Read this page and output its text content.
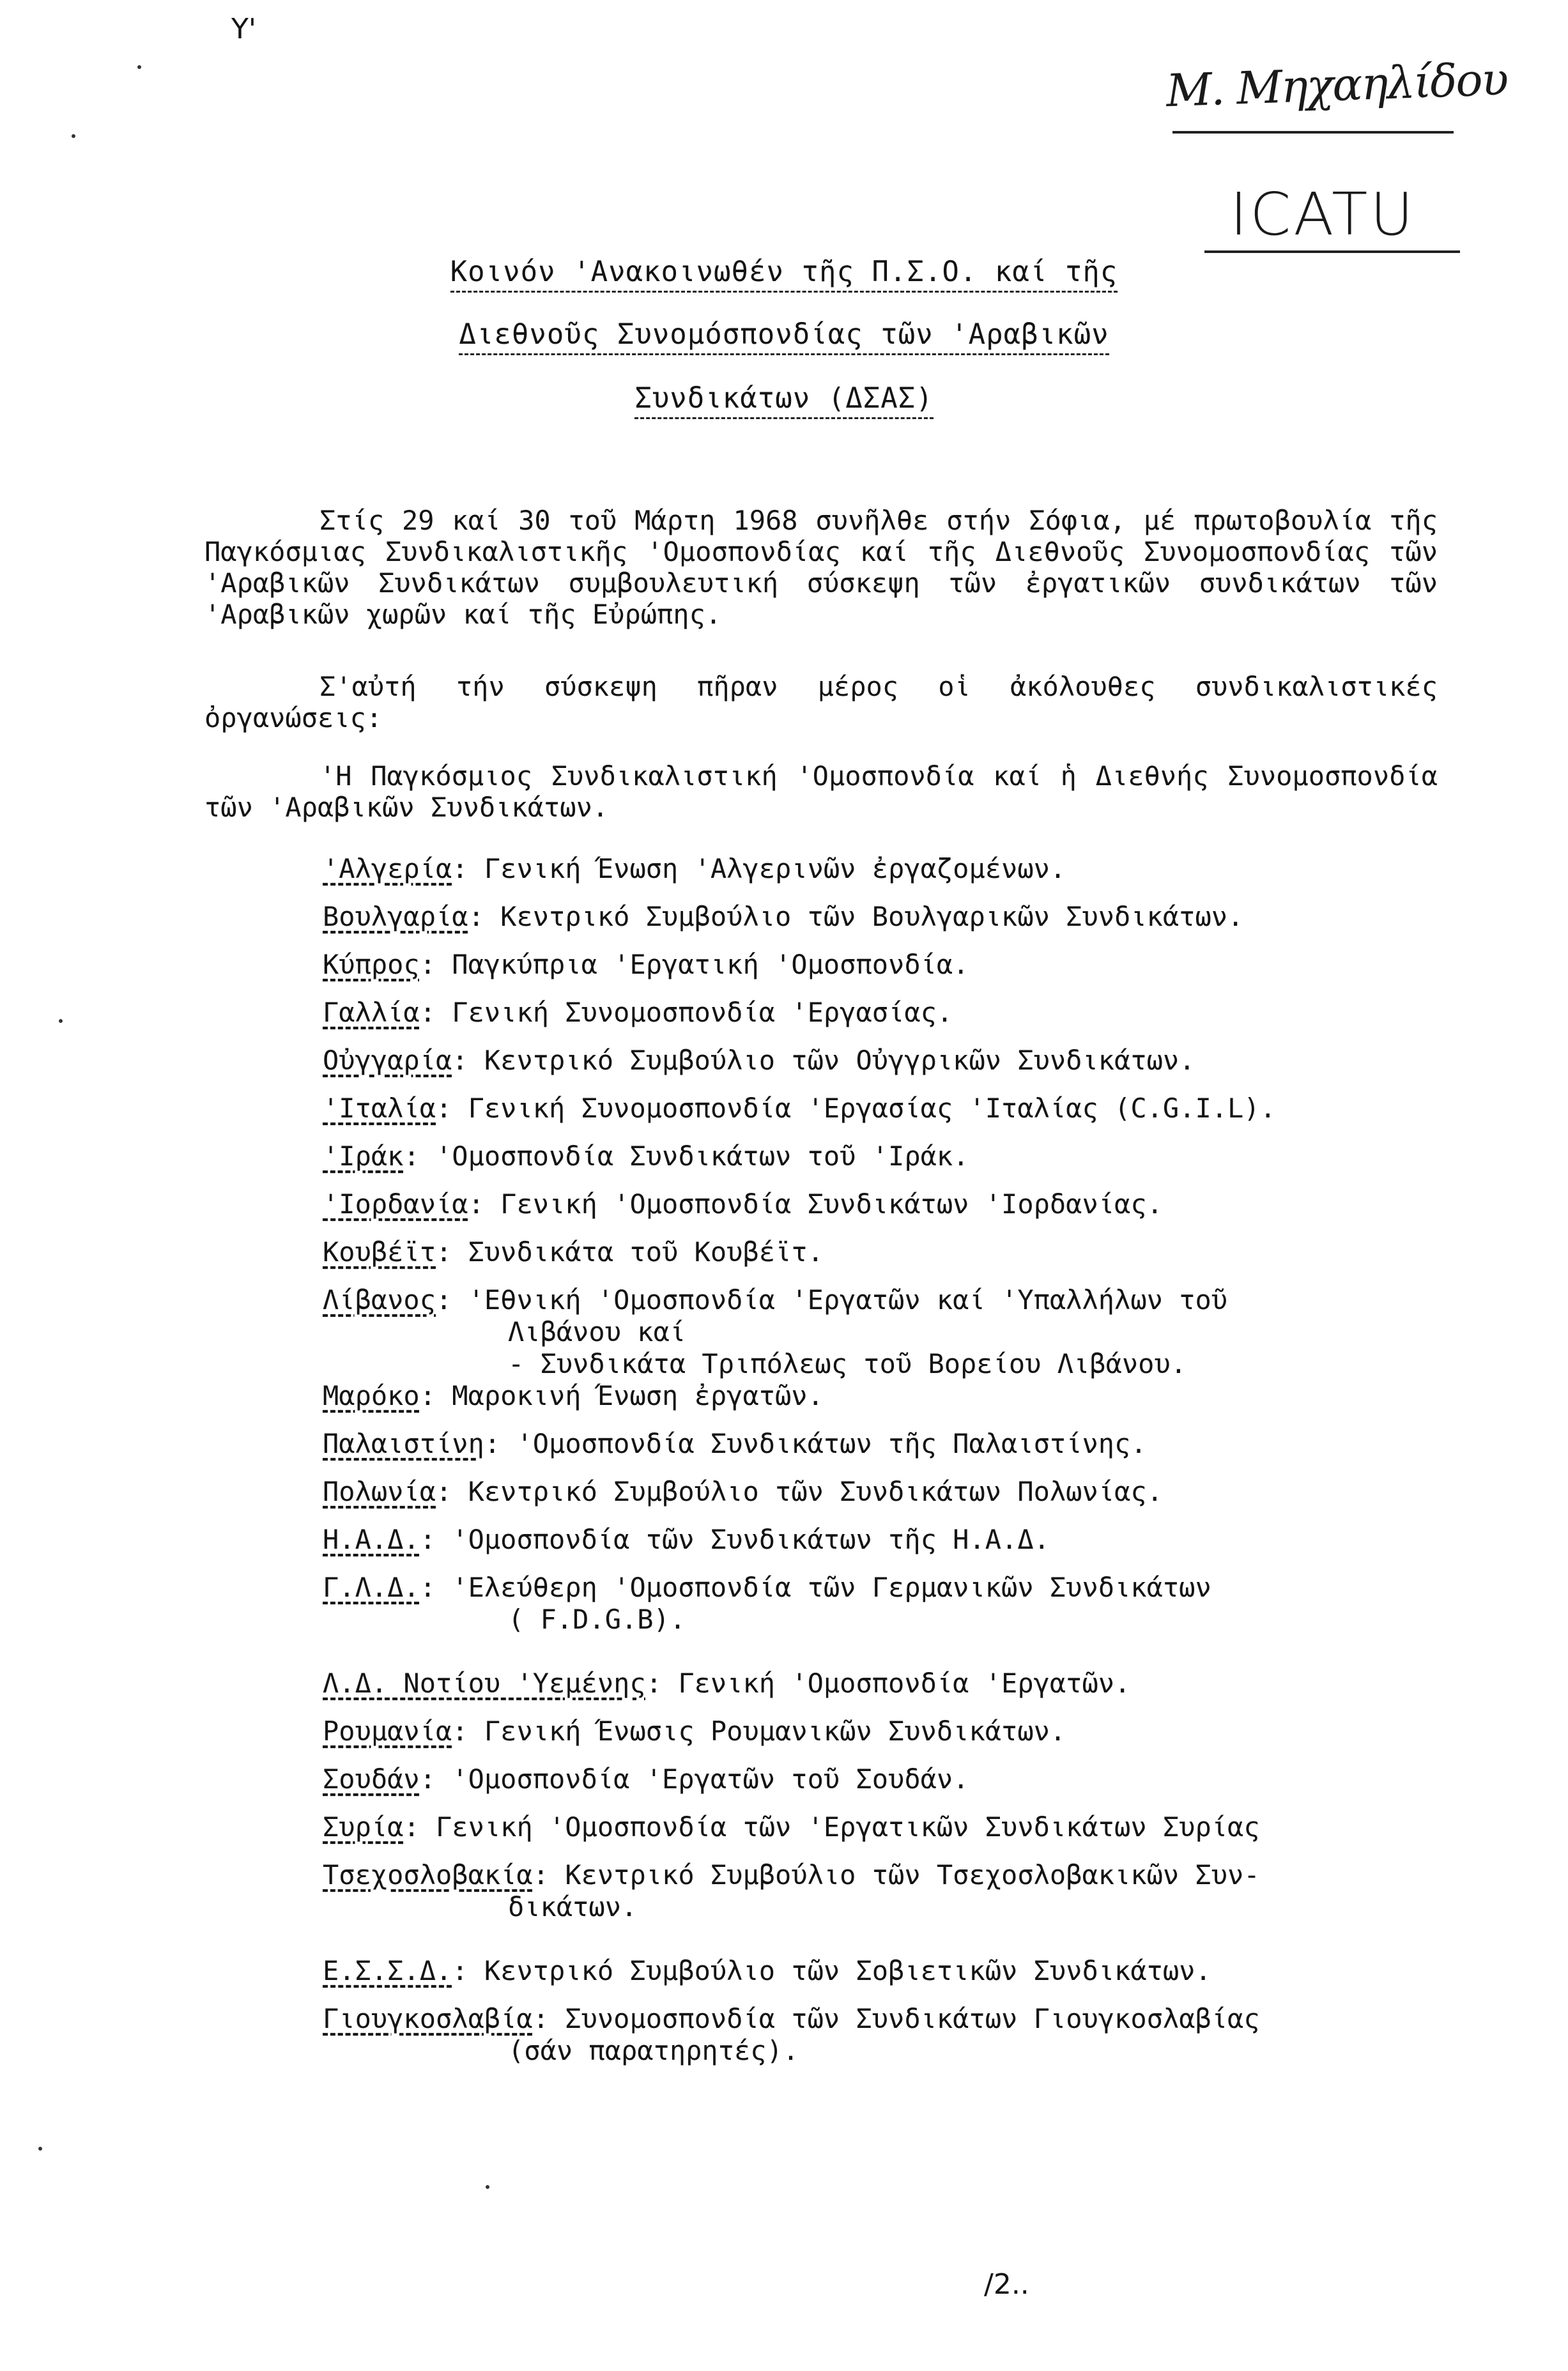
Υ'
Μ. Μηχαηλίδου
ICATU
Κοινόν 'Ανακοινωθέν τῆς Π.Σ.Ο. καί τῆς
Διεθνοῦς Συνομόσπονδίας τῶν 'Αραβικῶν
Συνδικάτων (ΔΣΑΣ)
Στίς 29 καί 30 τοῦ Μάρτη 1968 συνῆλθε στήν Σόφια, μέ πρωτοβουλία τῆς Παγκόσμιας Συνδικαλιστικῆς 'Ομοσπονδίας καί τῆς Διεθνοῦς Συνομοσπονδίας τῶν 'Αραβικῶν Συνδικάτων συμβουλευτική σύσκεψη τῶν ἐργατικῶν συνδικάτων τῶν 'Αραβικῶν χωρῶν καί τῆς Εὐρώπης.
Σ'αὐτή τήν σύσκεψη πῆραν μέρος οἱ ἀκόλουθες συνδικαλιστικές ὀργανώσεις:
'Η Παγκόσμιος Συνδικαλιστική 'Ομοσπονδία καί ἡ Διεθνής Συνομοσπονδία τῶν 'Αραβικῶν Συνδικάτων.
'Αλγερία: Γενική Ένωση 'Αλγερινῶν ἐργαζομένων.
Βουλγαρία: Κεντρικό Συμβούλιο τῶν Βουλγαρικῶν Συνδικάτων.
Κύπρος: Παγκύπρια 'Εργατική 'Ομοσπονδία.
Γαλλία: Γενική Συνομοσπονδία 'Εργασίας.
Οὐγγαρία: Κεντρικό Συμβούλιο τῶν Οὐγγρικῶν Συνδικάτων.
'Ιταλία: Γενική Συνομοσπονδία 'Εργασίας 'Ιταλίας (C.G.I.L).
'Ιράκ: 'Ομοσπονδία Συνδικάτων τοῦ 'Ιράκ.
'Ιορδανία: Γενική 'Ομοσπονδία Συνδικάτων 'Ιορδανίας.
Κουβέϊτ: Συνδικάτα τοῦ Κουβέϊτ.
Λίβανος: 'Εθνική 'Ομοσπονδία 'Εργατῶν καί 'Υπαλλήλων τοῦ
Λιβάνου καί
- Συνδικάτα Τριπόλεως τοῦ Βορείου Λιβάνου.
Μαρόκο: Μαροκινή Ένωση ἐργατῶν.
Παλαιστίνη: 'Ομοσπονδία Συνδικάτων τῆς Παλαιστίνης.
Πολωνία: Κεντρικό Συμβούλιο τῶν Συνδικάτων Πολωνίας.
Η.Α.Δ.: 'Ομοσπονδία τῶν Συνδικάτων τῆς Η.Α.Δ.
Γ.Λ.Δ.: 'Ελεύθερη 'Ομοσπονδία τῶν Γερμανικῶν Συνδικάτων
( F.D.G.B).
Λ.Δ. Νοτίου 'Υεμένης: Γενική 'Ομοσπονδία 'Εργατῶν.
Ρουμανία: Γενική Ένωσις Ρουμανικῶν Συνδικάτων.
Σουδάν: 'Ομοσπονδία 'Εργατῶν τοῦ Σουδάν.
Συρία: Γενική 'Ομοσπονδία τῶν 'Εργατικῶν Συνδικάτων Συρίας
Τσεχοσλοβακία: Κεντρικό Συμβούλιο τῶν Τσεχοσλοβακικῶν Συν-
δικάτων.
Ε.Σ.Σ.Δ.: Κεντρικό Συμβούλιο τῶν Σοβιετικῶν Συνδικάτων.
Γιουγκοσλαβία: Συνομοσπονδία τῶν Συνδικάτων Γιουγκοσλαβίας
(σάν παρατηρητές).
/2..
